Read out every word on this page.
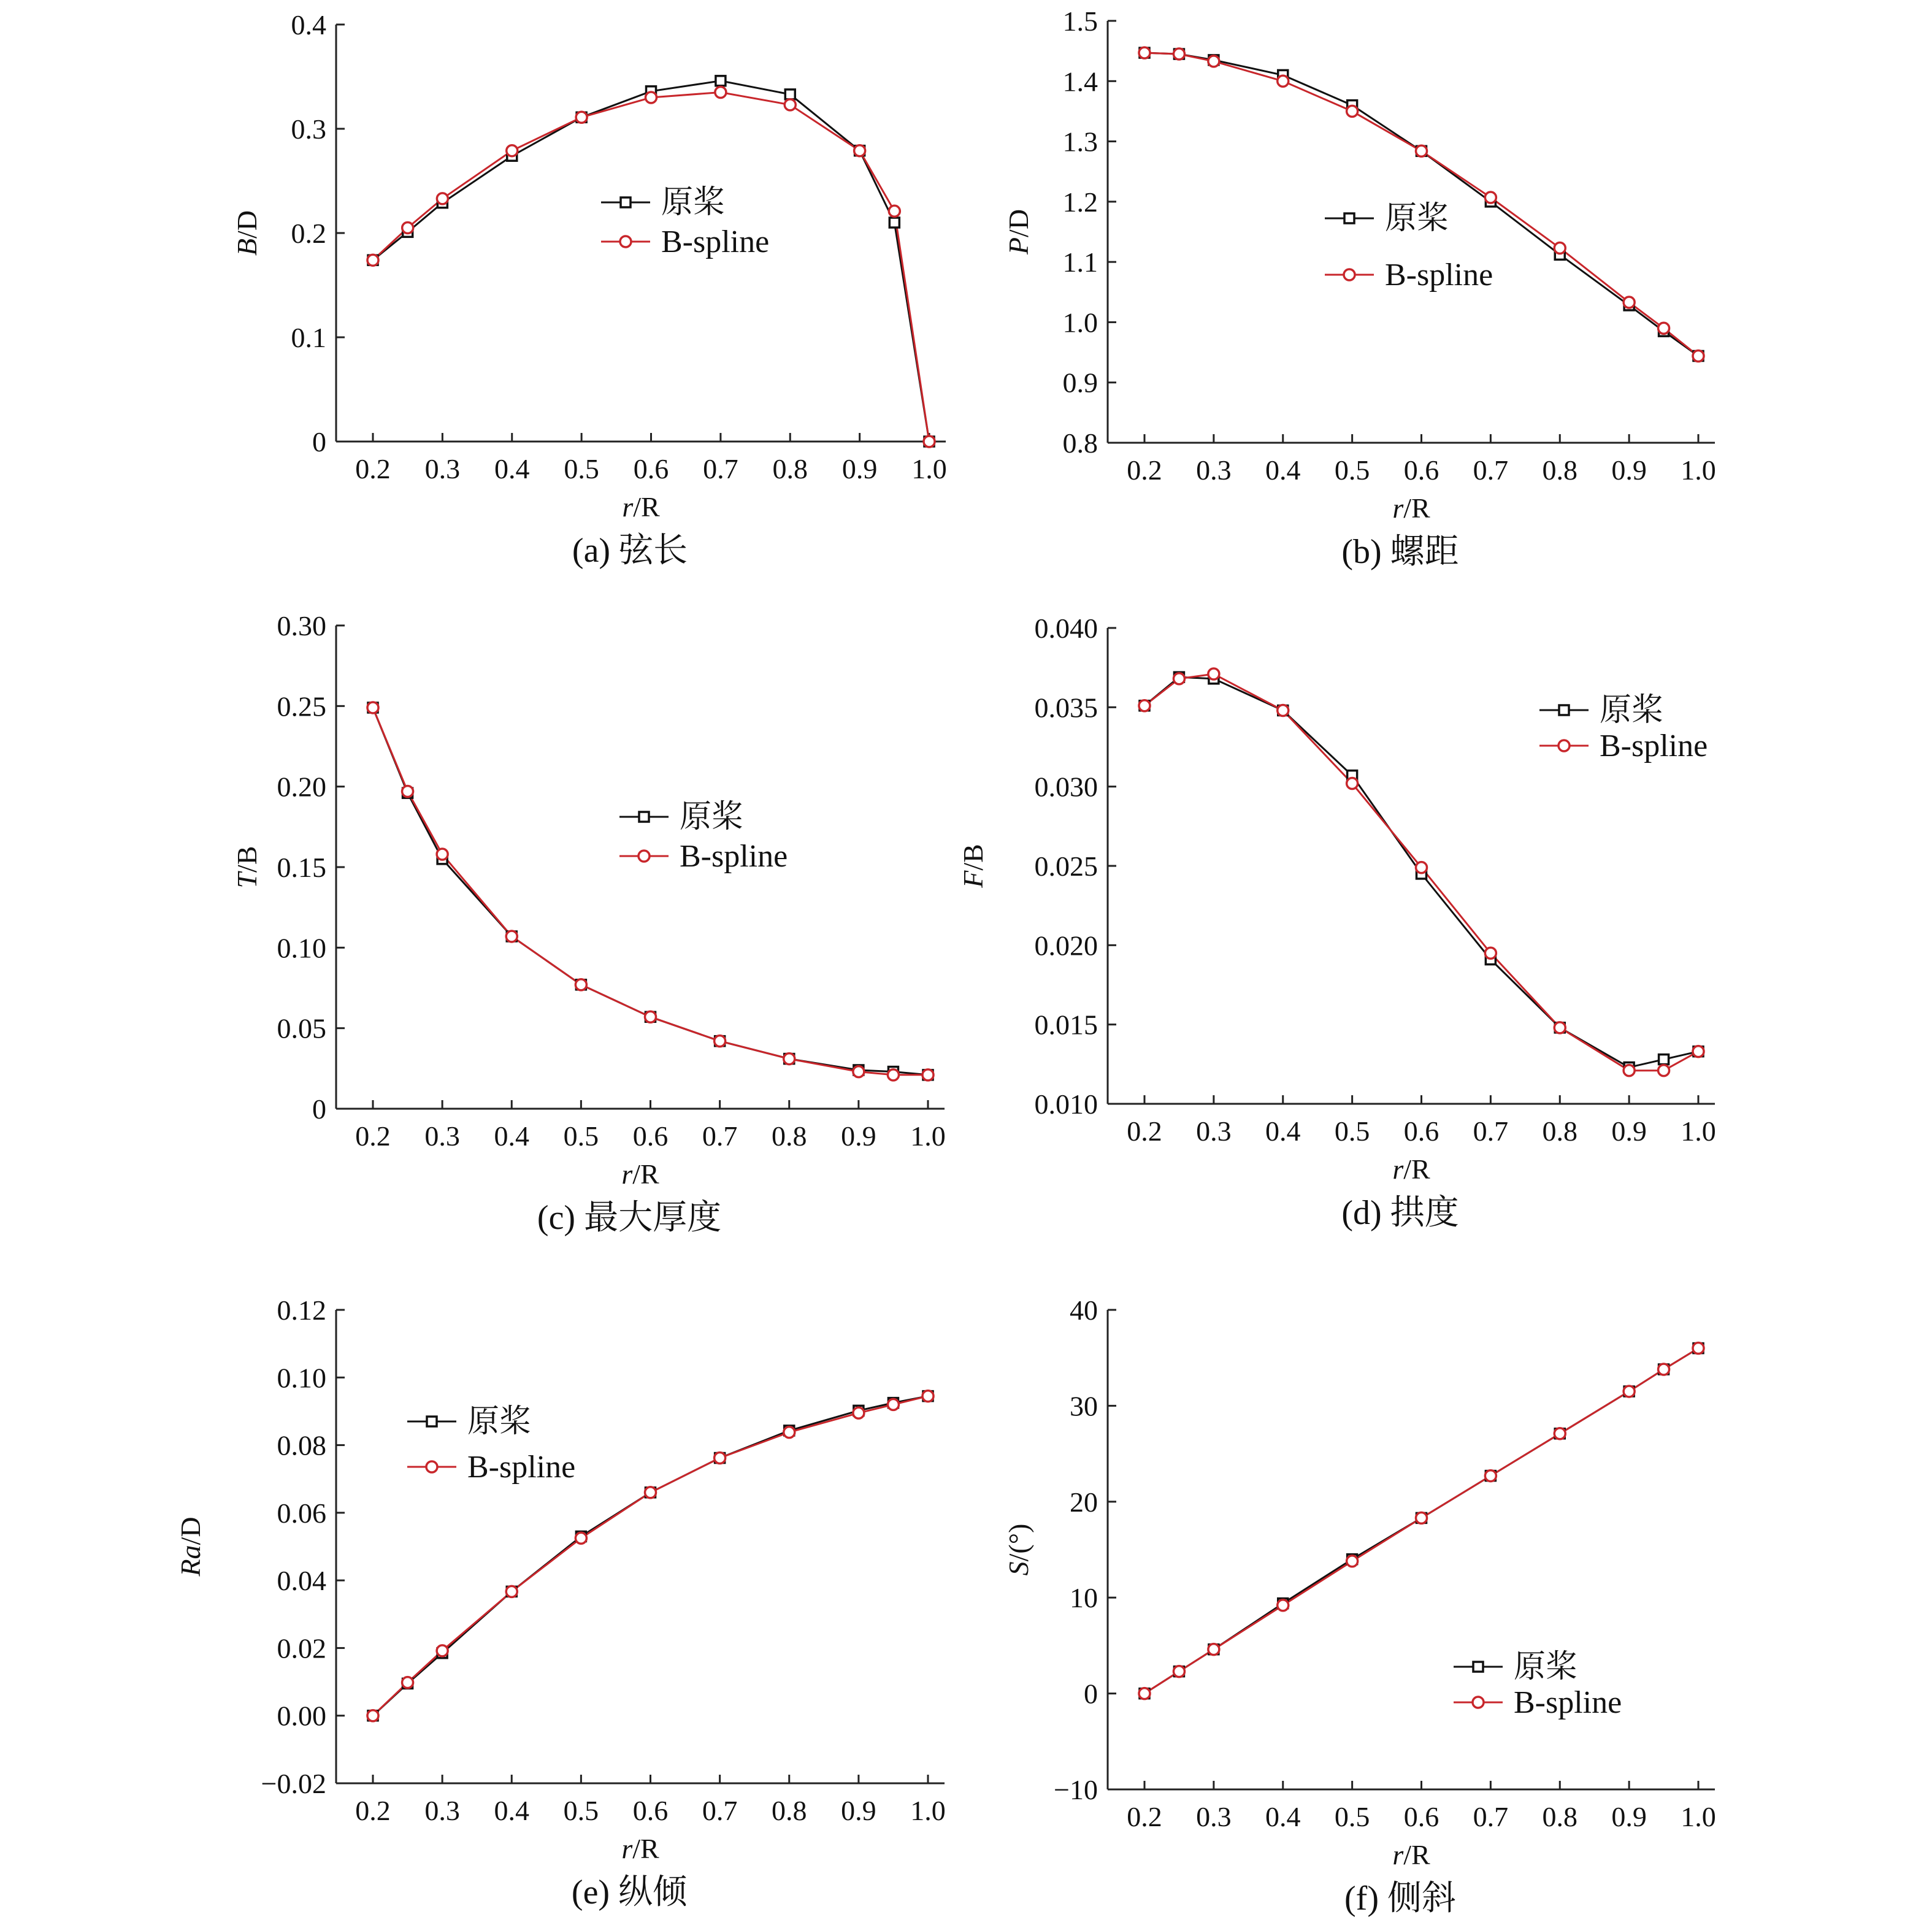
0
0.1
0.2
0.3
0.4
0.2 0.3 0.4 0.5 0.6 0.7 0.8 0.9 1.0
r/R
B/D
(a) 弦长
原桨
B-spline
0.8
0.9
1.0
1.1
1.2
1.3
1.4
1.5
0.2 0.3 0.4 0.5 0.6 0.7 0.8 0.9 1.0
r/R
P/D
(b) 螺距
原桨
B-spline
0
0.05
0.10
0.15
0.20
0.25
0.30
0.2 0.3 0.4 0.5 0.6 0.7 0.8 0.9 1.0
r/R
T/B
(c) 最大厚度
原桨
B-spline
0.010
0.015
0.020
0.025
0.030
0.035
0.040
0.2 0.3 0.4 0.5 0.6 0.7 0.8 0.9 1.0
r/R
F/B
(d) 拱度
原桨
B-spline
−0.02
0.00
0.02
0.04
0.06
0.08
0.10
0.12
0.2 0.3 0.4 0.5 0.6 0.7 0.8 0.9 1.0
r/R
Ra/D
(e) 纵倾
原桨
B-spline
−10
0
10
20
30
40
0.2 0.3 0.4 0.5 0.6 0.7 0.8 0.9 1.0
r/R
S/(°)
(f) 侧斜
原桨
B-spline
